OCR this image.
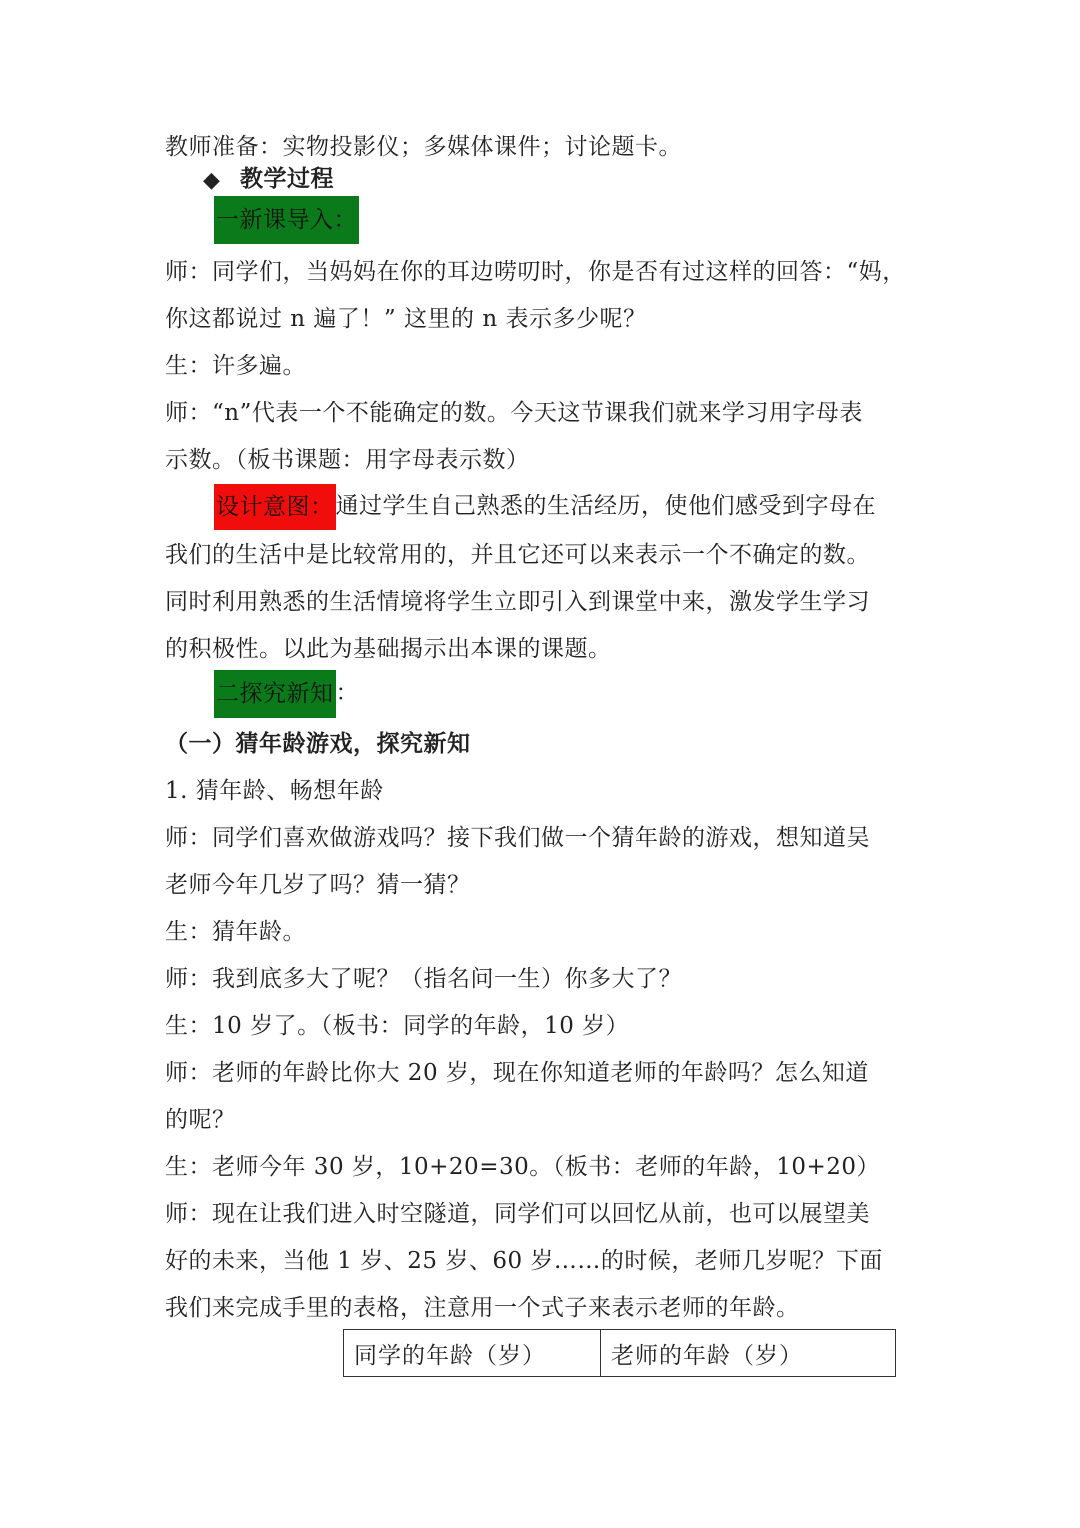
教师准备：实物投影仪；多媒体课件；讨论题卡。
◆ 教学过程
一新课导入：
师：同学们，当妈妈在你的耳边唠叨时，你是否有过这样的回答：“妈，
你这都说过 n 遍了！” 这里的 n 表示多少呢？
生：许多遍。
师：“n”代表一个不能确定的数。今天这节课我们就来学习用字母表
示数。（板书课题：用字母表示数）
设计意图：通过学生自己熟悉的生活经历，使他们感受到字母在
我们的生活中是比较常用的，并且它还可以来表示一个不确定的数。
同时利用熟悉的生活情境将学生立即引入到课堂中来，激发学生学习
的积极性。以此为基础揭示出本课的课题。
二探究新知：
（一）猜年龄游戏，探究新知
1. 猜年龄、畅想年龄
师：同学们喜欢做游戏吗？接下我们做一个猜年龄的游戏，想知道吴
老师今年几岁了吗？猜一猜？
生：猜年龄。
师：我到底多大了呢？（指名问一生）你多大了？
生：10 岁了。（板书：同学的年龄，10 岁）
师：老师的年龄比你大 20 岁，现在你知道老师的年龄吗？怎么知道
的呢？
生：老师今年 30 岁，10+20=30。（板书：老师的年龄，10+20）
师：现在让我们进入时空隧道，同学们可以回忆从前，也可以展望美
好的未来，当他 1 岁、25 岁、60 岁……的时候，老师几岁呢？下面
我们来完成手里的表格，注意用一个式子来表示老师的年龄。
同学的年龄（岁）	老师的年龄（岁）
